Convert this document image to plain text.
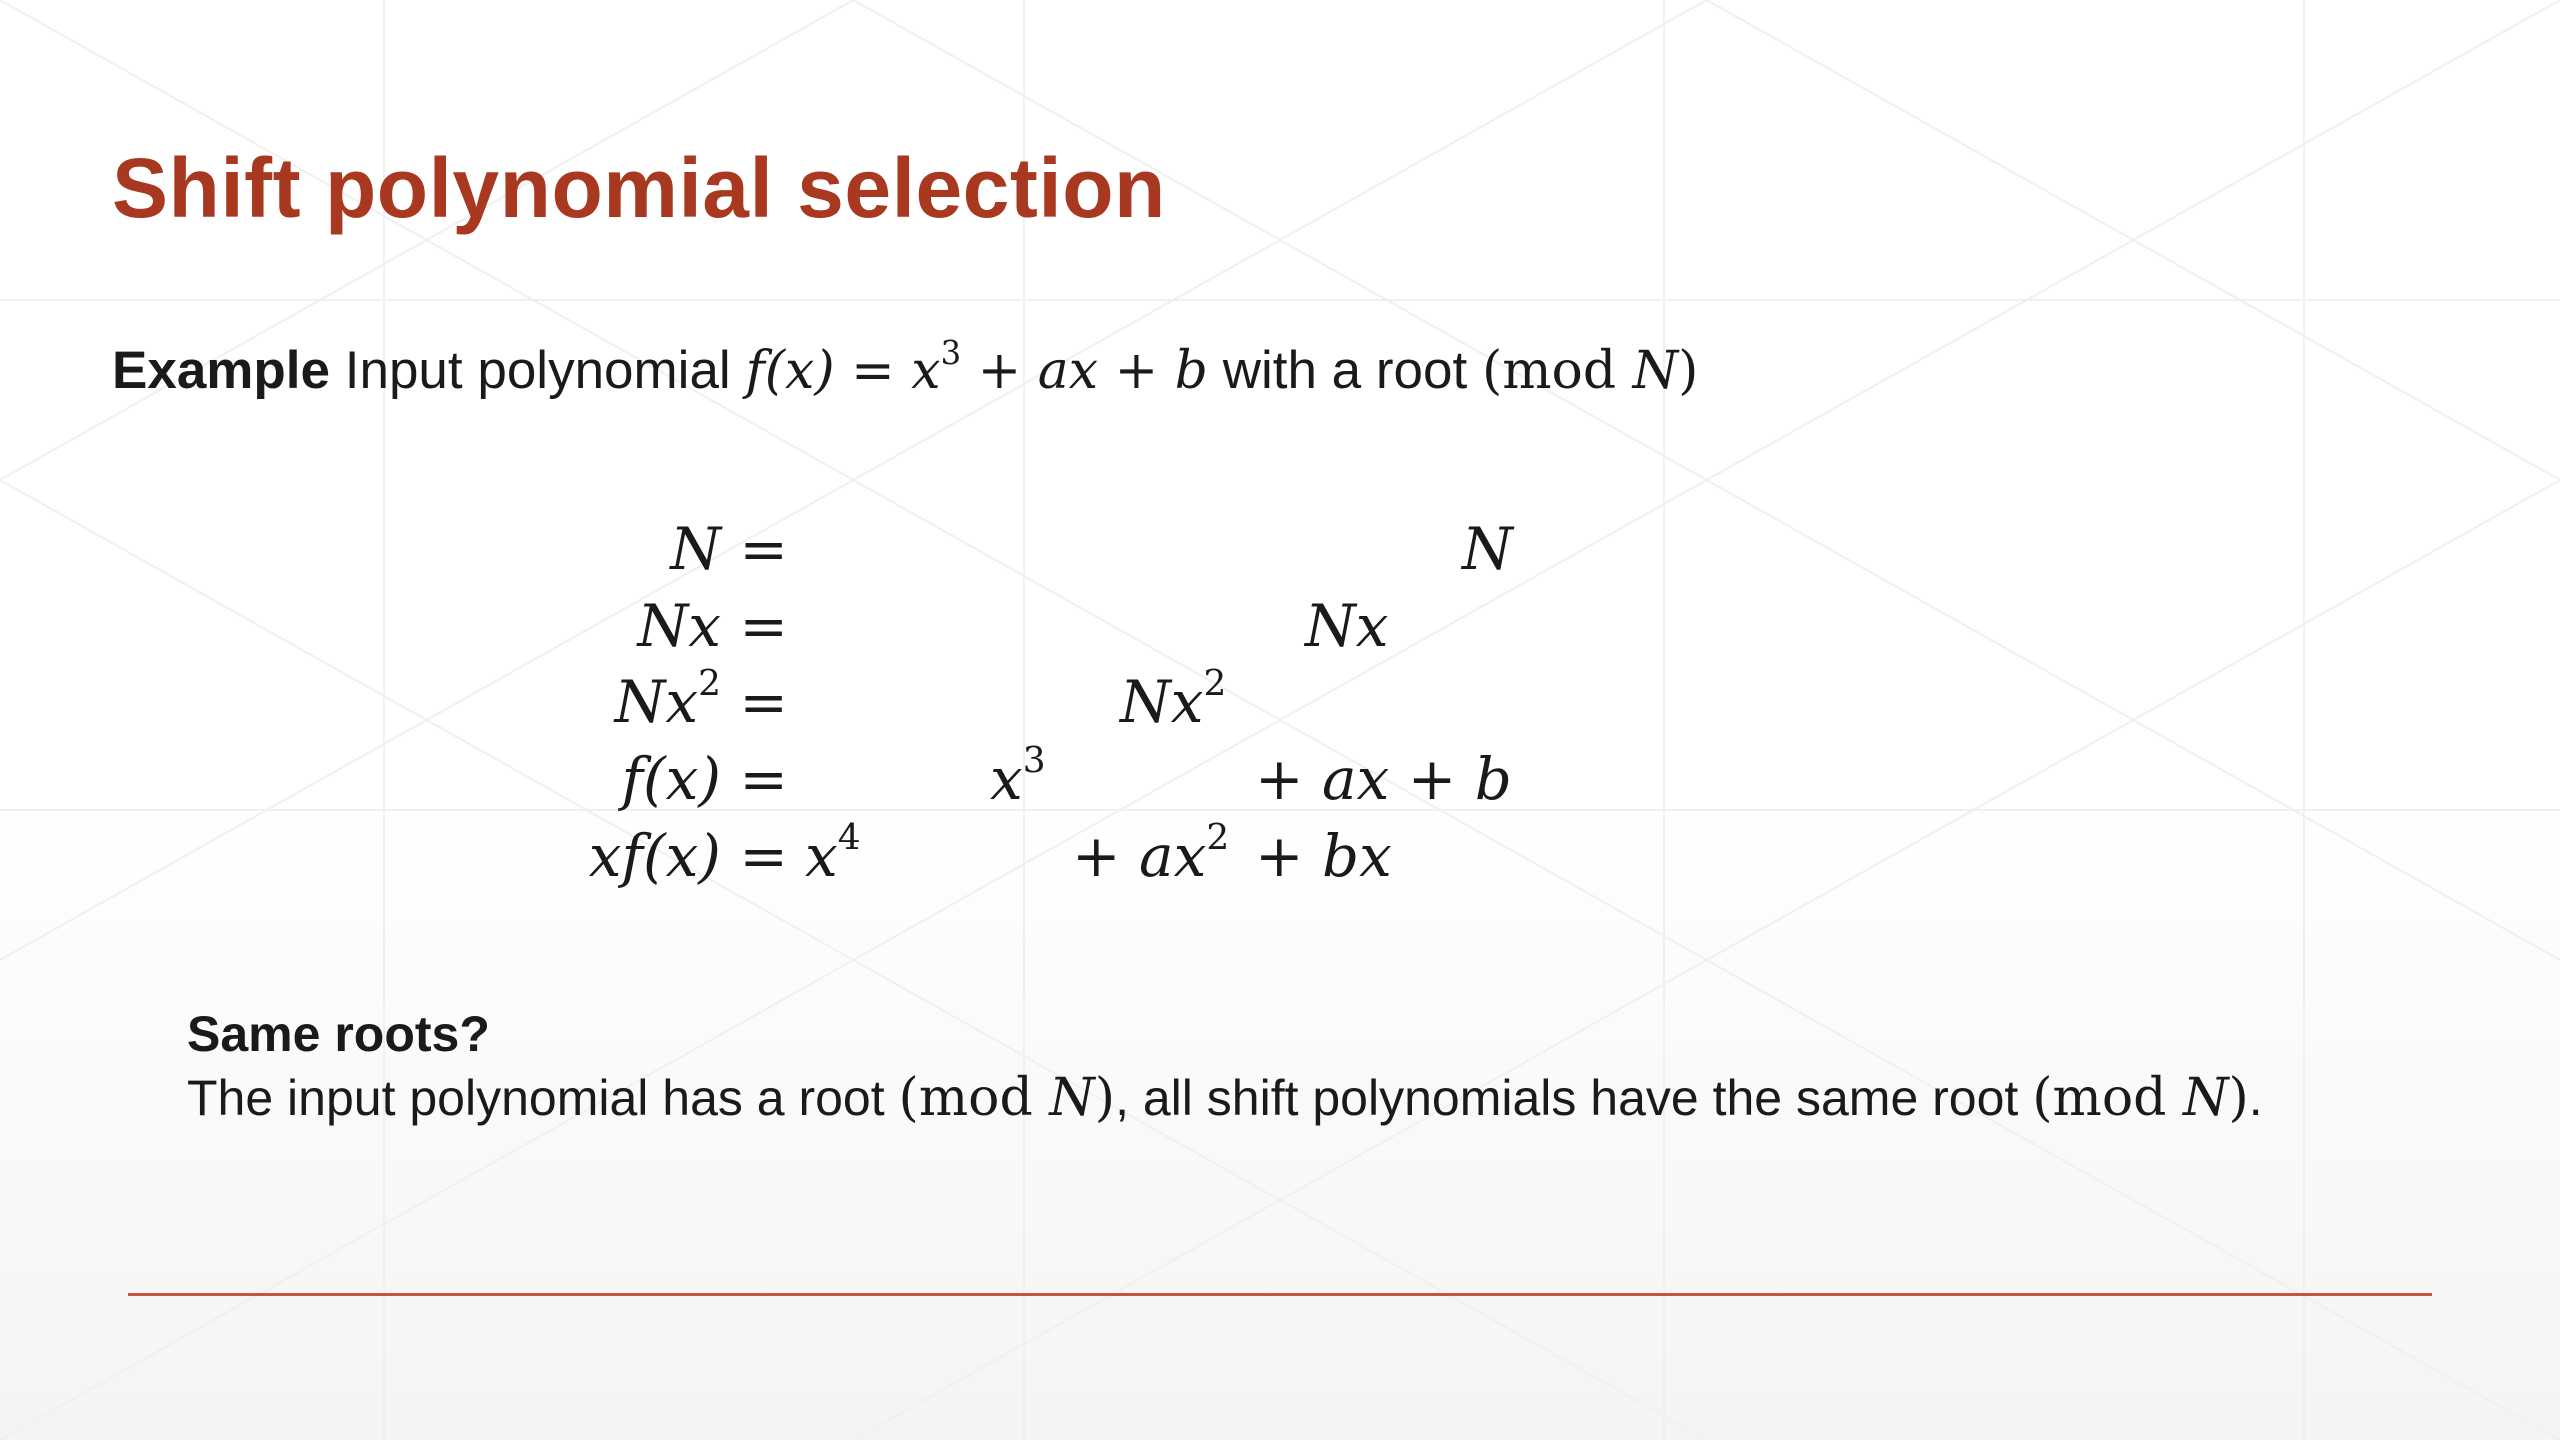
Shift polynomial selection
Example Input polynomial $f(x) = x^3$ + ax + b with a root (mod N)
N =	N
Nx =	Nx
$Nx^2$ =	$Nx^2$
f(x) =	$x^3$	+ ax + b
$xf(x) = x^4$	+ $ax^2$ + bx
Same roots?
The input polynomial has a root (mod N), all shift polynomials have the same root (mod N).
